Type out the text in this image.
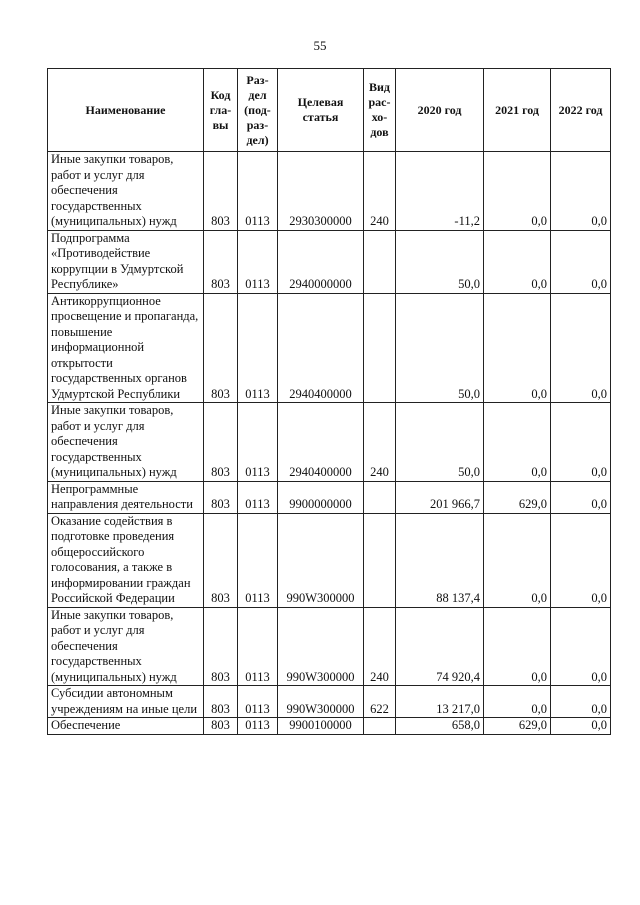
55
Наименование	Код гла- вы	Раз- дел (под- раз- дел)	Целевая статья	Вид рас- хо- дов	2020 год	2021 год	2022 год
Иные закупки товаров, работ и услуг для обеспечения государственных (муниципальных) нужд	803	0113	2930300000	240	-11,2	0,0	0,0
Подпрограмма «Противодействие коррупции в Удмуртской Республике»	803	0113	2940000000		50,0	0,0	0,0
Антикоррупционное просвещение и пропаганда, повышение информационной открытости государственных органов Удмуртской Республики	803	0113	2940400000		50,0	0,0	0,0
Иные закупки товаров, работ и услуг для обеспечения государственных (муниципальных) нужд	803	0113	2940400000	240	50,0	0,0	0,0
Непрограммные направления деятельности	803	0113	9900000000		201 966,7	629,0	0,0
Оказание содействия в подготовке проведения общероссийского голосования, а также в информировании граждан Российской Федерации	803	0113	990W300000		88 137,4	0,0	0,0
Иные закупки товаров, работ и услуг для обеспечения государственных (муниципальных) нужд	803	0113	990W300000	240	74 920,4	0,0	0,0
Субсидии автономным учреждениям на иные цели	803	0113	990W300000	622	13 217,0	0,0	0,0
Обеспечение	803	0113	9900100000		658,0	629,0	0,0
